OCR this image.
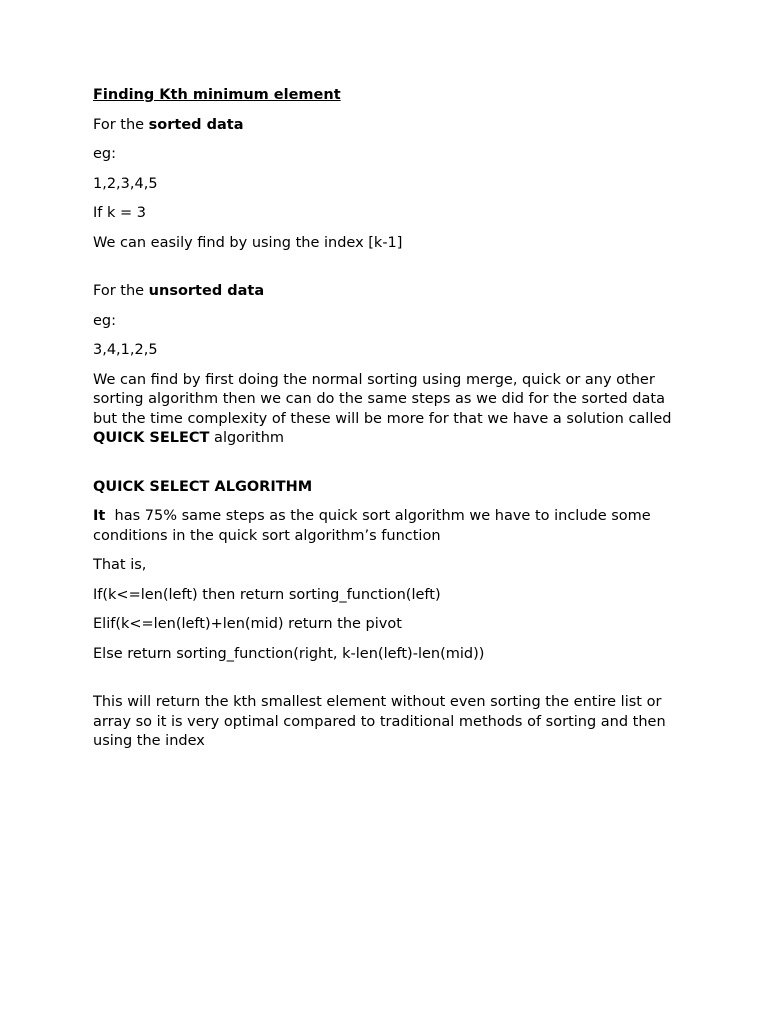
Finding Kth minimum element

For the sorted data

eg:

1,2,3,4,5

If k = 3

We can easily find by using the index [k-1]

For the unsorted data

eg:

3,4,1,2,5

We can find by first doing the normal sorting using merge, quick or any other sorting algorithm then we can do the same steps as we did for the sorted data but the time complexity of these will be more for that we have a solution called QUICK SELECT algorithm

QUICK SELECT ALGORITHM

It  has 75% same steps as the quick sort algorithm we have to include some conditions in the quick sort algorithm’s function

That is,

If(k<=len(left) then return sorting_function(left)

Elif(k<=len(left)+len(mid) return the pivot

Else return sorting_function(right, k-len(left)-len(mid))

This will return the kth smallest element without even sorting the entire list or array so it is very optimal compared to traditional methods of sorting and then using the index
